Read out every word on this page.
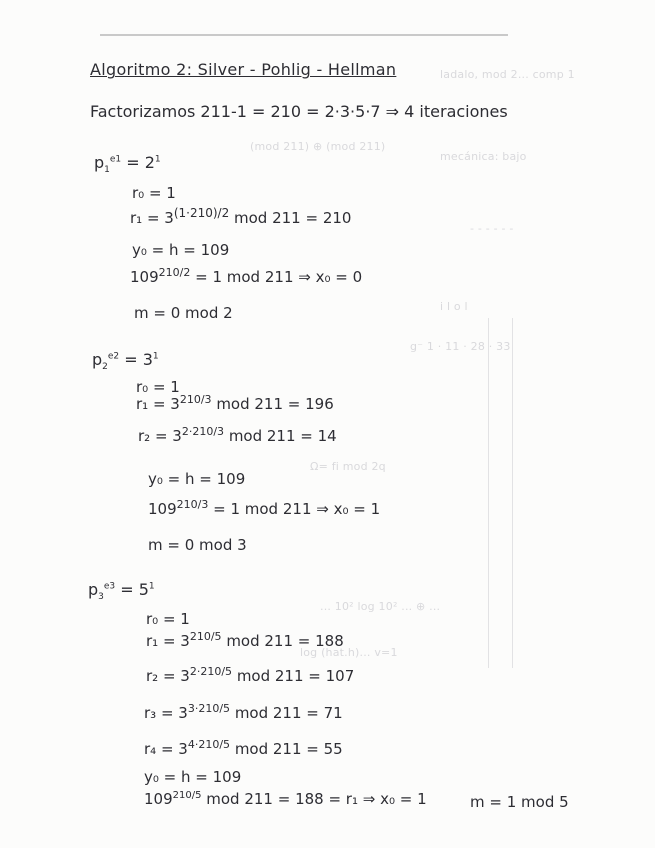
ladalo, mod 2... comp 1
mecánica: bajo
(mod 211) ⊕ (mod 211)
- - - - - -
i l o l
g⁻ 1 · 11 · 28 · 33
Ω= fi mod 2q
... 10² log 10² ... ⊕ ...
log (hat.h)... v=1
Algoritmo 2: Silver - Pohlig - Hellman
Factorizamos 211-1 = 210 = 2·3·5·7 ⇒ 4 iteraciones
$p_1^{e1} = 2^1$
r₀ = 1
$r_1 = 3^{(1\cdot 210)/2}$ mod 211 = 210
y₀ = h = 109
$109^{210/2} = 1$ mod 211 ⇒ x₀ = 0
m = 0 mod 2
$p_2^{e2} = 3^1$
r₀ = 1
$r_1 = 3^{210/3}$ mod 211 = 196
$r_2 = 3^{2\cdot 210/3}$ mod 211 = 14
y₀ = h = 109
$109^{210/3} = 1$ mod 211 ⇒ x₀ = 1
m = 0 mod 3
$p_3^{e3} = 5^1$
r₀ = 1
$r_1 = 3^{210/5}$ mod 211 = 188
$r_2 = 3^{2\cdot 210/5}$ mod 211 = 107
$r_3 = 3^{3\cdot 210/5}$ mod 211 = 71
$r_4 = 3^{4\cdot 210/5}$ mod 211 = 55
y₀ = h = 109
$109^{210/5}$ mod 211 = 188 = r₁ ⇒ x₀ = 1	m = 1 mod 5
